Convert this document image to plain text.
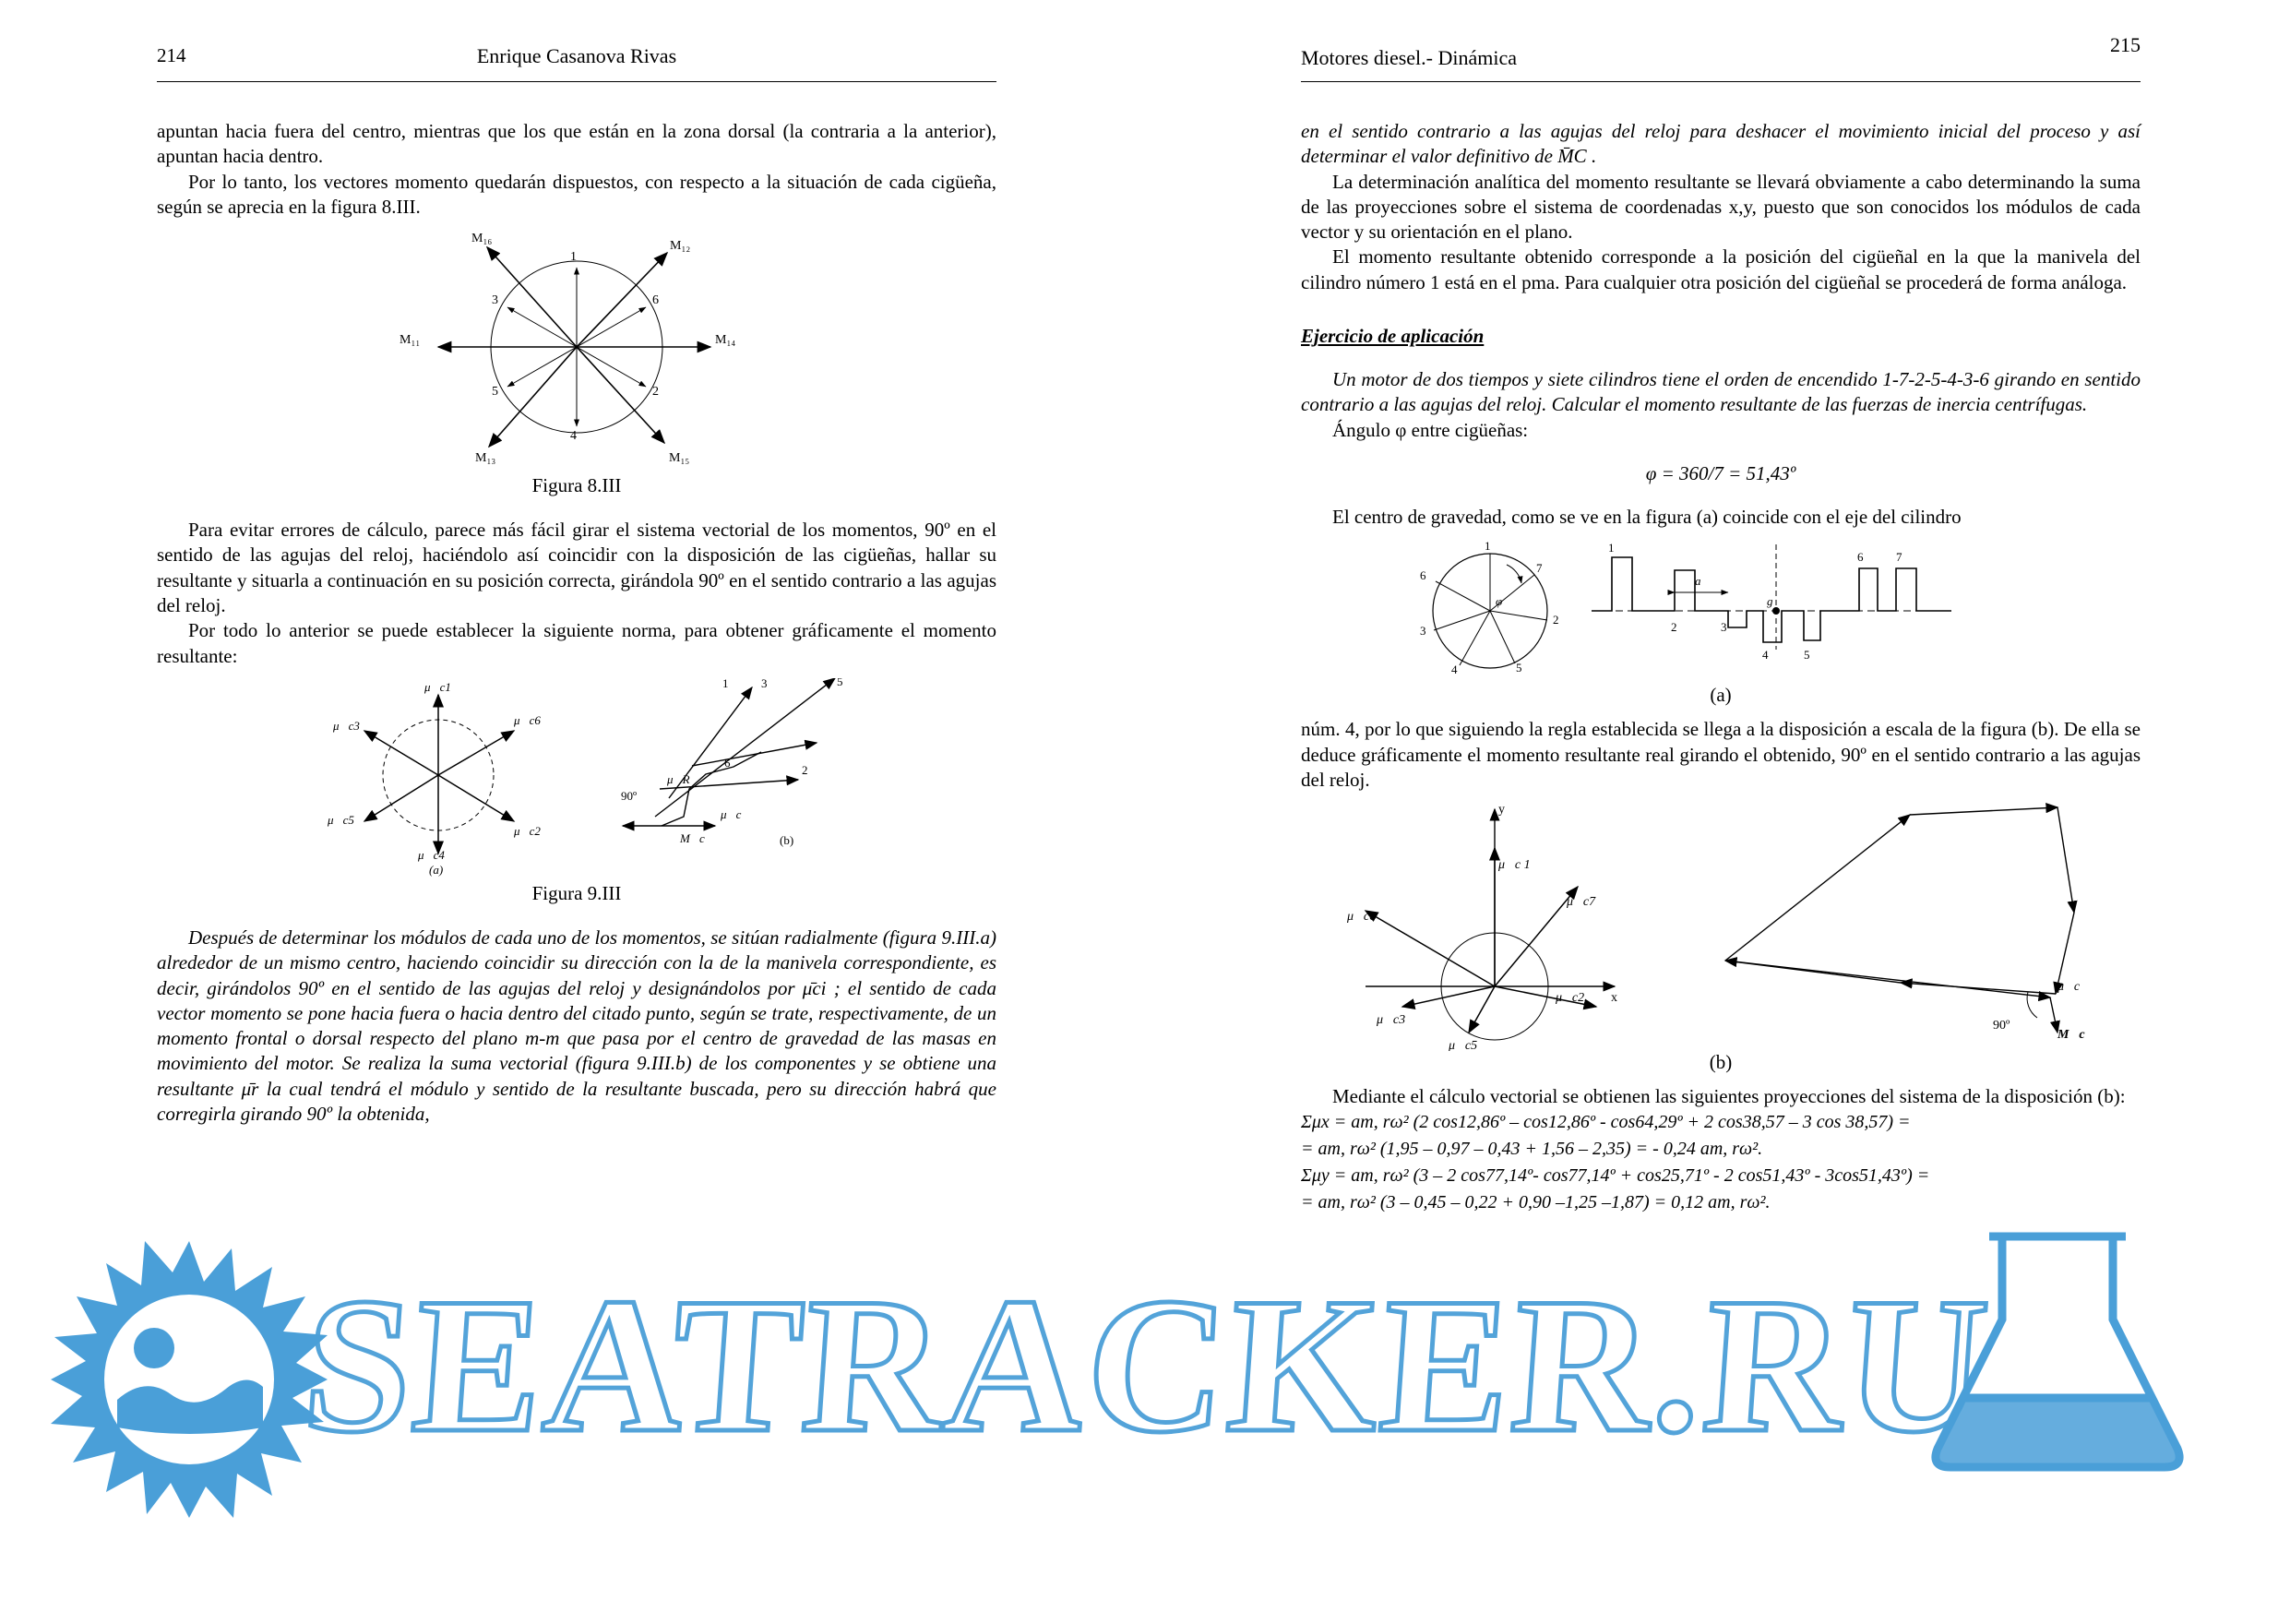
214	Enrique Casanova Rivas

apuntan hacia fuera del centro, mientras que los que están en la zona dorsal (la contraria a la anterior), apuntan hacia dentro.

Por lo tanto, los vectores momento quedarán dispuestos, con respecto a la situación de cada cigüeña, según se aprecia en la figura 8.III.

1
3	6
5	2
4
M₁₆
M₁₂
M₁₁	M₁₄
M₁₃	M₁₅

Figura 8.III

Para evitar errores de cálculo, parece más fácil girar el sistema vectorial de los momentos, 90º en el sentido de las agujas del reloj, haciéndolo así coincidir con la disposición de las cigüeñas, hallar su resultante y situarla a continuación en su posición correcta, girándola 90º en el sentido contrario a las agujas del reloj.

Por todo lo anterior se puede establecer la siguiente norma, para obtener gráficamente el momento resultante:

μ⃗c1
μ⃗c6
μ⃗c3
μ⃗c5
μ⃗c4
μ⃗c2
(a)
1	3	5
2
6
μ⃗R
μ⃗c
M⃗c
90º
(b)

Figura 9.III

Después de determinar los módulos de cada uno de los momentos, se sitúan radialmente (figura 9.III.a) alrededor de un mismo centro, haciendo coincidir su dirección con la de la manivela correspondiente, es decir, girándolos 90º en el sentido de las agujas del reloj y designándolos por μ̄ci ; el sentido de cada vector momento se pone hacia fuera o hacia dentro del citado punto, según se trate, respectivamente, de un momento frontal o dorsal respecto del plano m-m que pasa por el centro de gravedad de las masas en movimiento del motor. Se realiza la suma vectorial (figura 9.III.b) de los componentes y se obtiene una resultante μ̄r la cual tendrá el módulo y sentido de la resultante buscada, pero su dirección habrá que corregirla girando 90º la obtenida,

Motores diesel.- Dinámica
215

en el sentido contrario a las agujas del reloj para deshacer el movimiento inicial del proceso y así determinar el valor definitivo de M̄C .

La determinación analítica del momento resultante se llevará obviamente a cabo determinando la suma de las proyecciones sobre el sistema de coordenadas x,y, puesto que son conocidos los módulos de cada vector y su orientación en el plano.

El momento resultante obtenido corresponde a la posición del cigüeñal en la que la manivela del cilindro número 1 está en el pma. Para cualquier otra posición del cigüeñal se procederá de forma análoga.

Ejercicio de aplicación

Un motor de dos tiempos y siete cilindros tiene el orden de encendido 1-7-2-5-4-3-6 girando en sentido contrario a las agujas del reloj. Calcular el momento resultante de las fuerzas de inercia centrífugas.

Ángulo φ entre cigüeñas:

φ = 360/7 = 51,43º

El centro de gravedad, como se ve en la figura (a) coincide con el eje del cilindro

1
7
2
5
4
3
6
φ
1
a
2	3
g
4	5
6	7

(a)

núm. 4, por lo que siguiendo la regla establecida se llega a la disposición a escala de la figura (b). De ella se deduce gráficamente el momento resultante real girando el obtenido, 90º en el sentido contrario a las agujas del reloj.

y
x
μ⃗c 1
μ⃗c7
μ⃗c6
μ⃗c3
μ⃗c5
μ⃗c2
μ⃗c
90º
M⃗c

(b)

Mediante el cálculo vectorial se obtienen las siguientes proyecciones del sistema de la disposición (b):

Σμx = am, rω² (2 cos12,86º – cos12,86º - cos64,29º + 2 cos38,57 – 3 cos 38,57) =
= am, rω² (1,95 – 0,97 – 0,43 + 1,56 – 2,35) = - 0,24 am, rω².
Σμy = am, rω² (3 – 2 cos77,14º- cos77,14º + cos25,71º - 2 cos51,43º - 3cos51,43º) =
= am, rω² (3 – 0,45 – 0,22 + 0,90 –1,25 –1,87) = 0,12 am, rω².
SEATRACKER.RU
